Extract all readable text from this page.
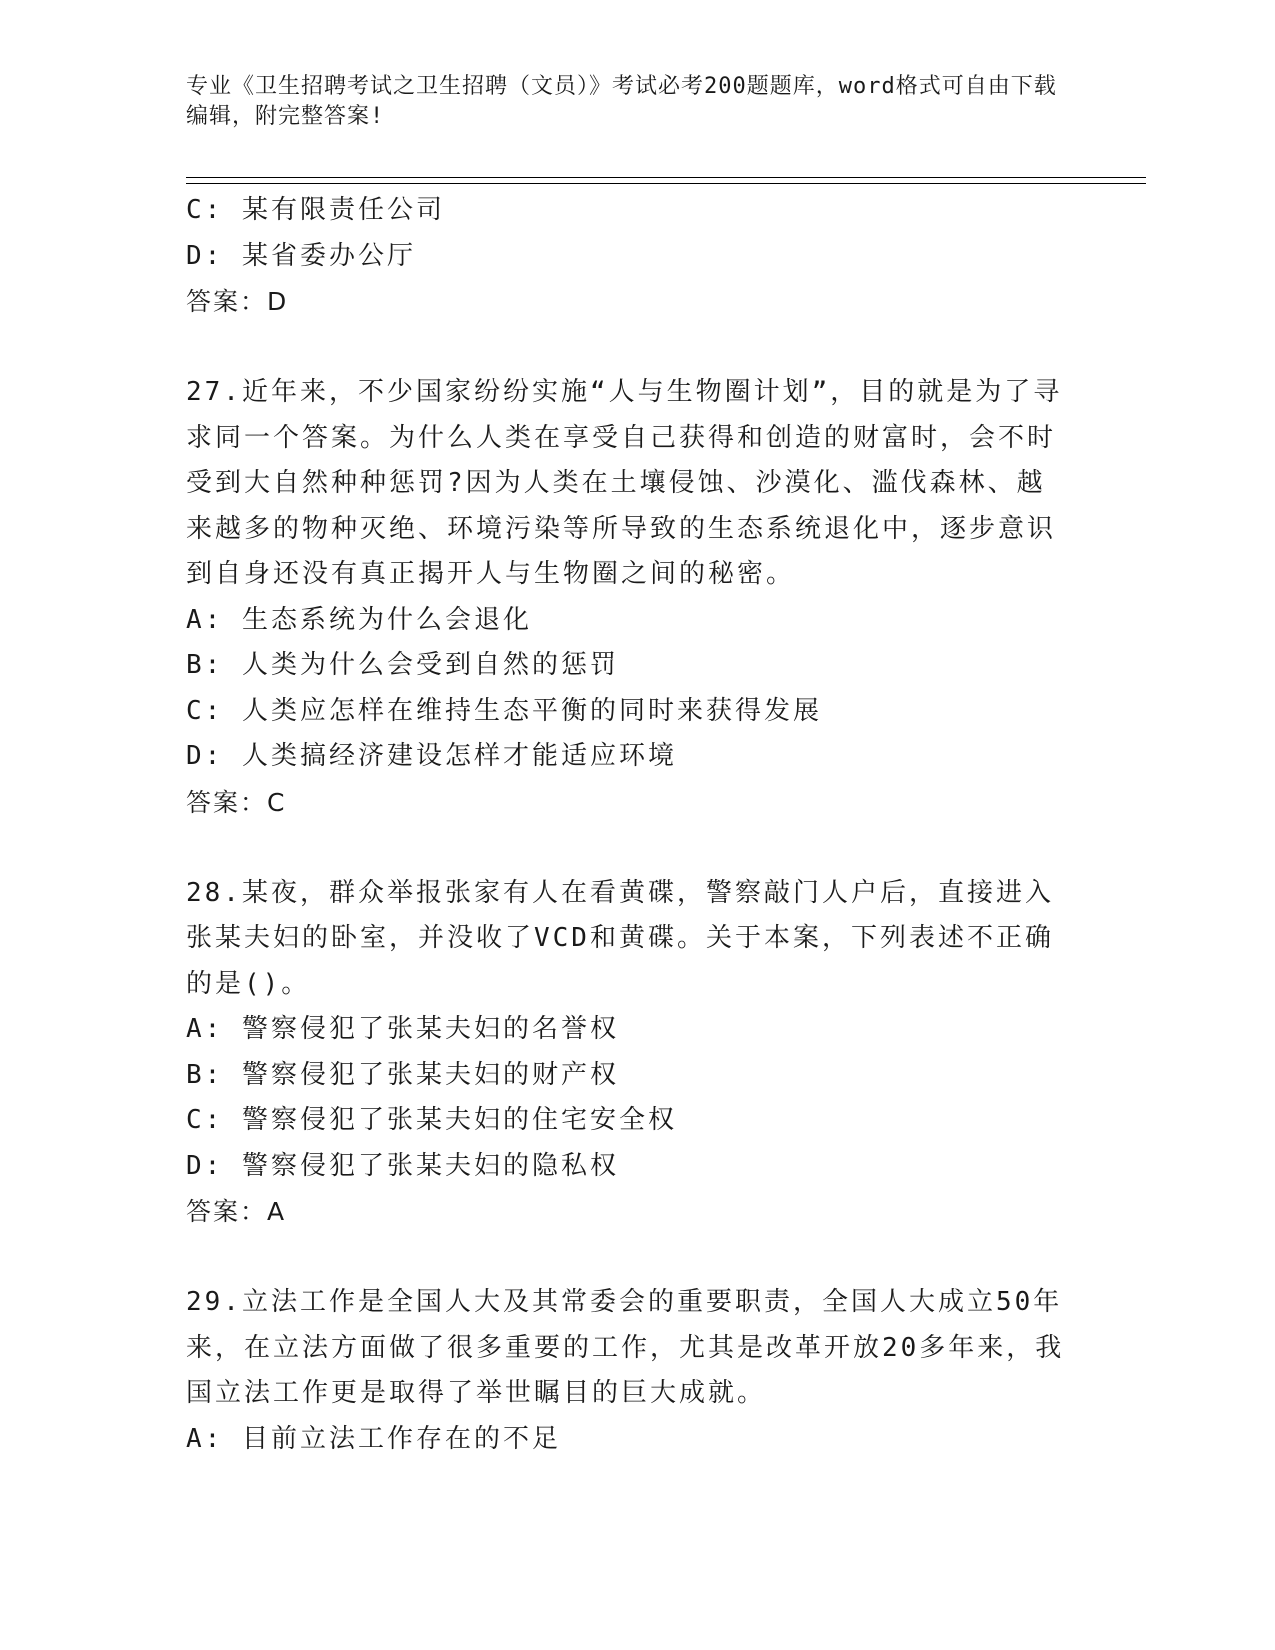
专业《卫生招聘考试之卫生招聘（文员）》考试必考200题题库，word格式可自由下载编辑，附完整答案!
C: 某有限责任公司
D: 某省委办公厅
答案：D
27.近年来，不少国家纷纷实施“人与生物圈计划”，目的就是为了寻求同一个答案。为什么人类在享受自己获得和创造的财富时，会不时受到大自然种种惩罚?因为人类在土壤侵蚀、沙漠化、滥伐森林、越来越多的物种灭绝、环境污染等所导致的生态系统退化中，逐步意识到自身还没有真正揭开人与生物圈之间的秘密。
A: 生态系统为什么会退化
B: 人类为什么会受到自然的惩罚
C: 人类应怎样在维持生态平衡的同时来获得发展
D: 人类搞经济建设怎样才能适应环境
答案：C
28.某夜，群众举报张家有人在看黄碟，警察敲门人户后，直接进入张某夫妇的卧室，并没收了VCD和黄碟。关于本案，下列表述不正确的是()。
A: 警察侵犯了张某夫妇的名誉权
B: 警察侵犯了张某夫妇的财产权
C: 警察侵犯了张某夫妇的住宅安全权
D: 警察侵犯了张某夫妇的隐私权
答案：A
29.立法工作是全国人大及其常委会的重要职责，全国人大成立50年来，在立法方面做了很多重要的工作，尤其是改革开放20多年来，我国立法工作更是取得了举世瞩目的巨大成就。
A: 目前立法工作存在的不足
